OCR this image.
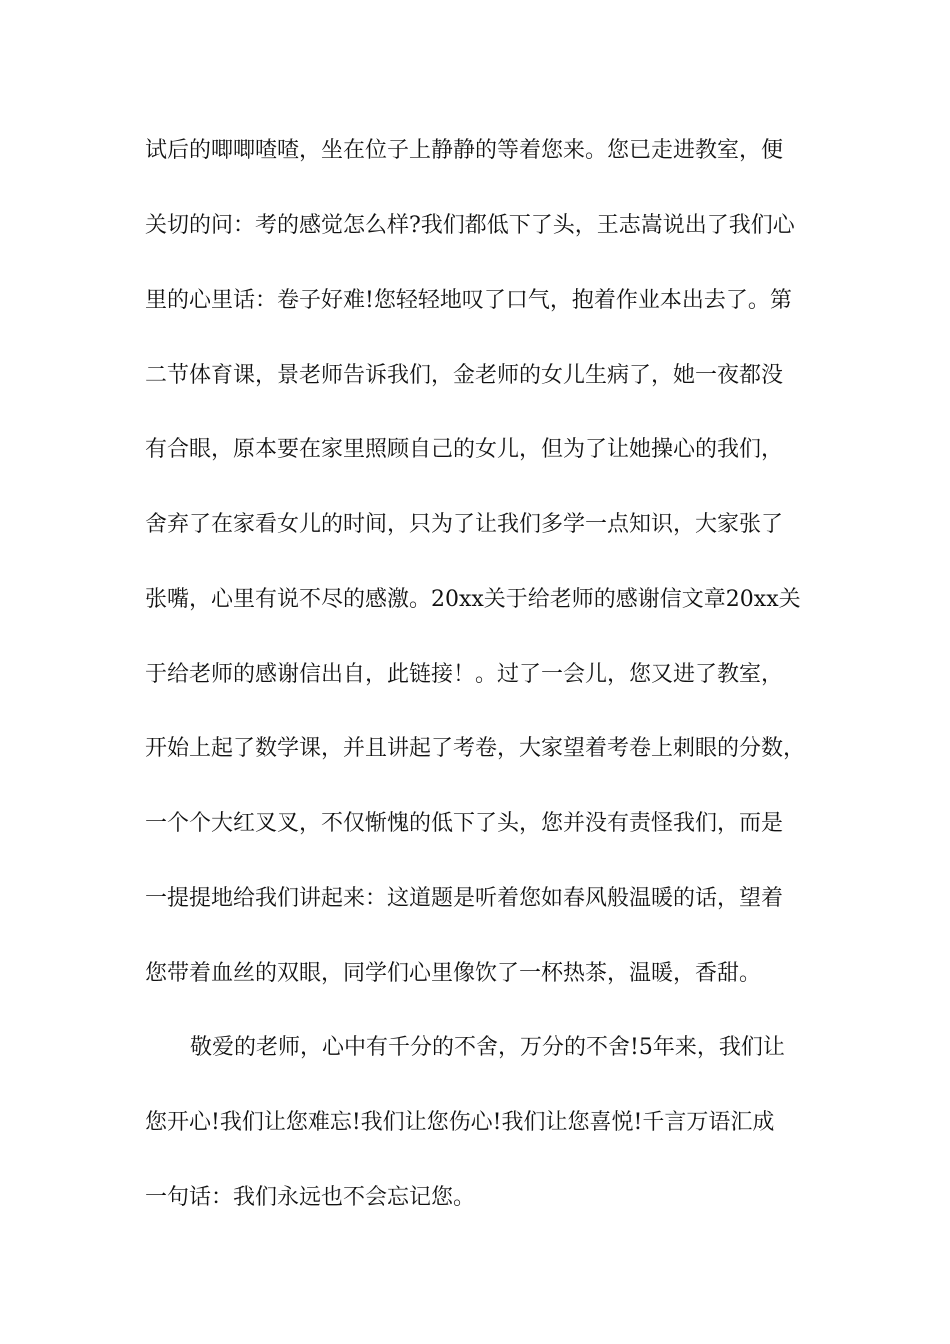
试后的唧唧喳喳，坐在位子上静静的等着您来。您已走进教室，便
关切的问：考的感觉怎么样?我们都低下了头，王志嵩说出了我们心
里的心里话：卷子好难!您轻轻地叹了口气，抱着作业本出去了。第
二节体育课，景老师告诉我们，金老师的女儿生病了，她一夜都没
有合眼，原本要在家里照顾自己的女儿，但为了让她操心的我们，
舍弃了在家看女儿的时间，只为了让我们多学一点知识，大家张了
张嘴，心里有说不尽的感激。20xx关于给老师的感谢信文章20xx关
于给老师的感谢信出自，此链接！。过了一会儿，您又进了教室，
开始上起了数学课，并且讲起了考卷，大家望着考卷上刺眼的分数，
一个个大红叉叉，不仅惭愧的低下了头，您并没有责怪我们，而是
一提提地给我们讲起来：这道题是听着您如春风般温暖的话，望着
您带着血丝的双眼，同学们心里像饮了一杯热茶，温暖，香甜。
敬爱的老师，心中有千分的不舍，万分的不舍!5年来，我们让
您开心!我们让您难忘!我们让您伤心!我们让您喜悦!千言万语汇成
一句话：我们永远也不会忘记您。
